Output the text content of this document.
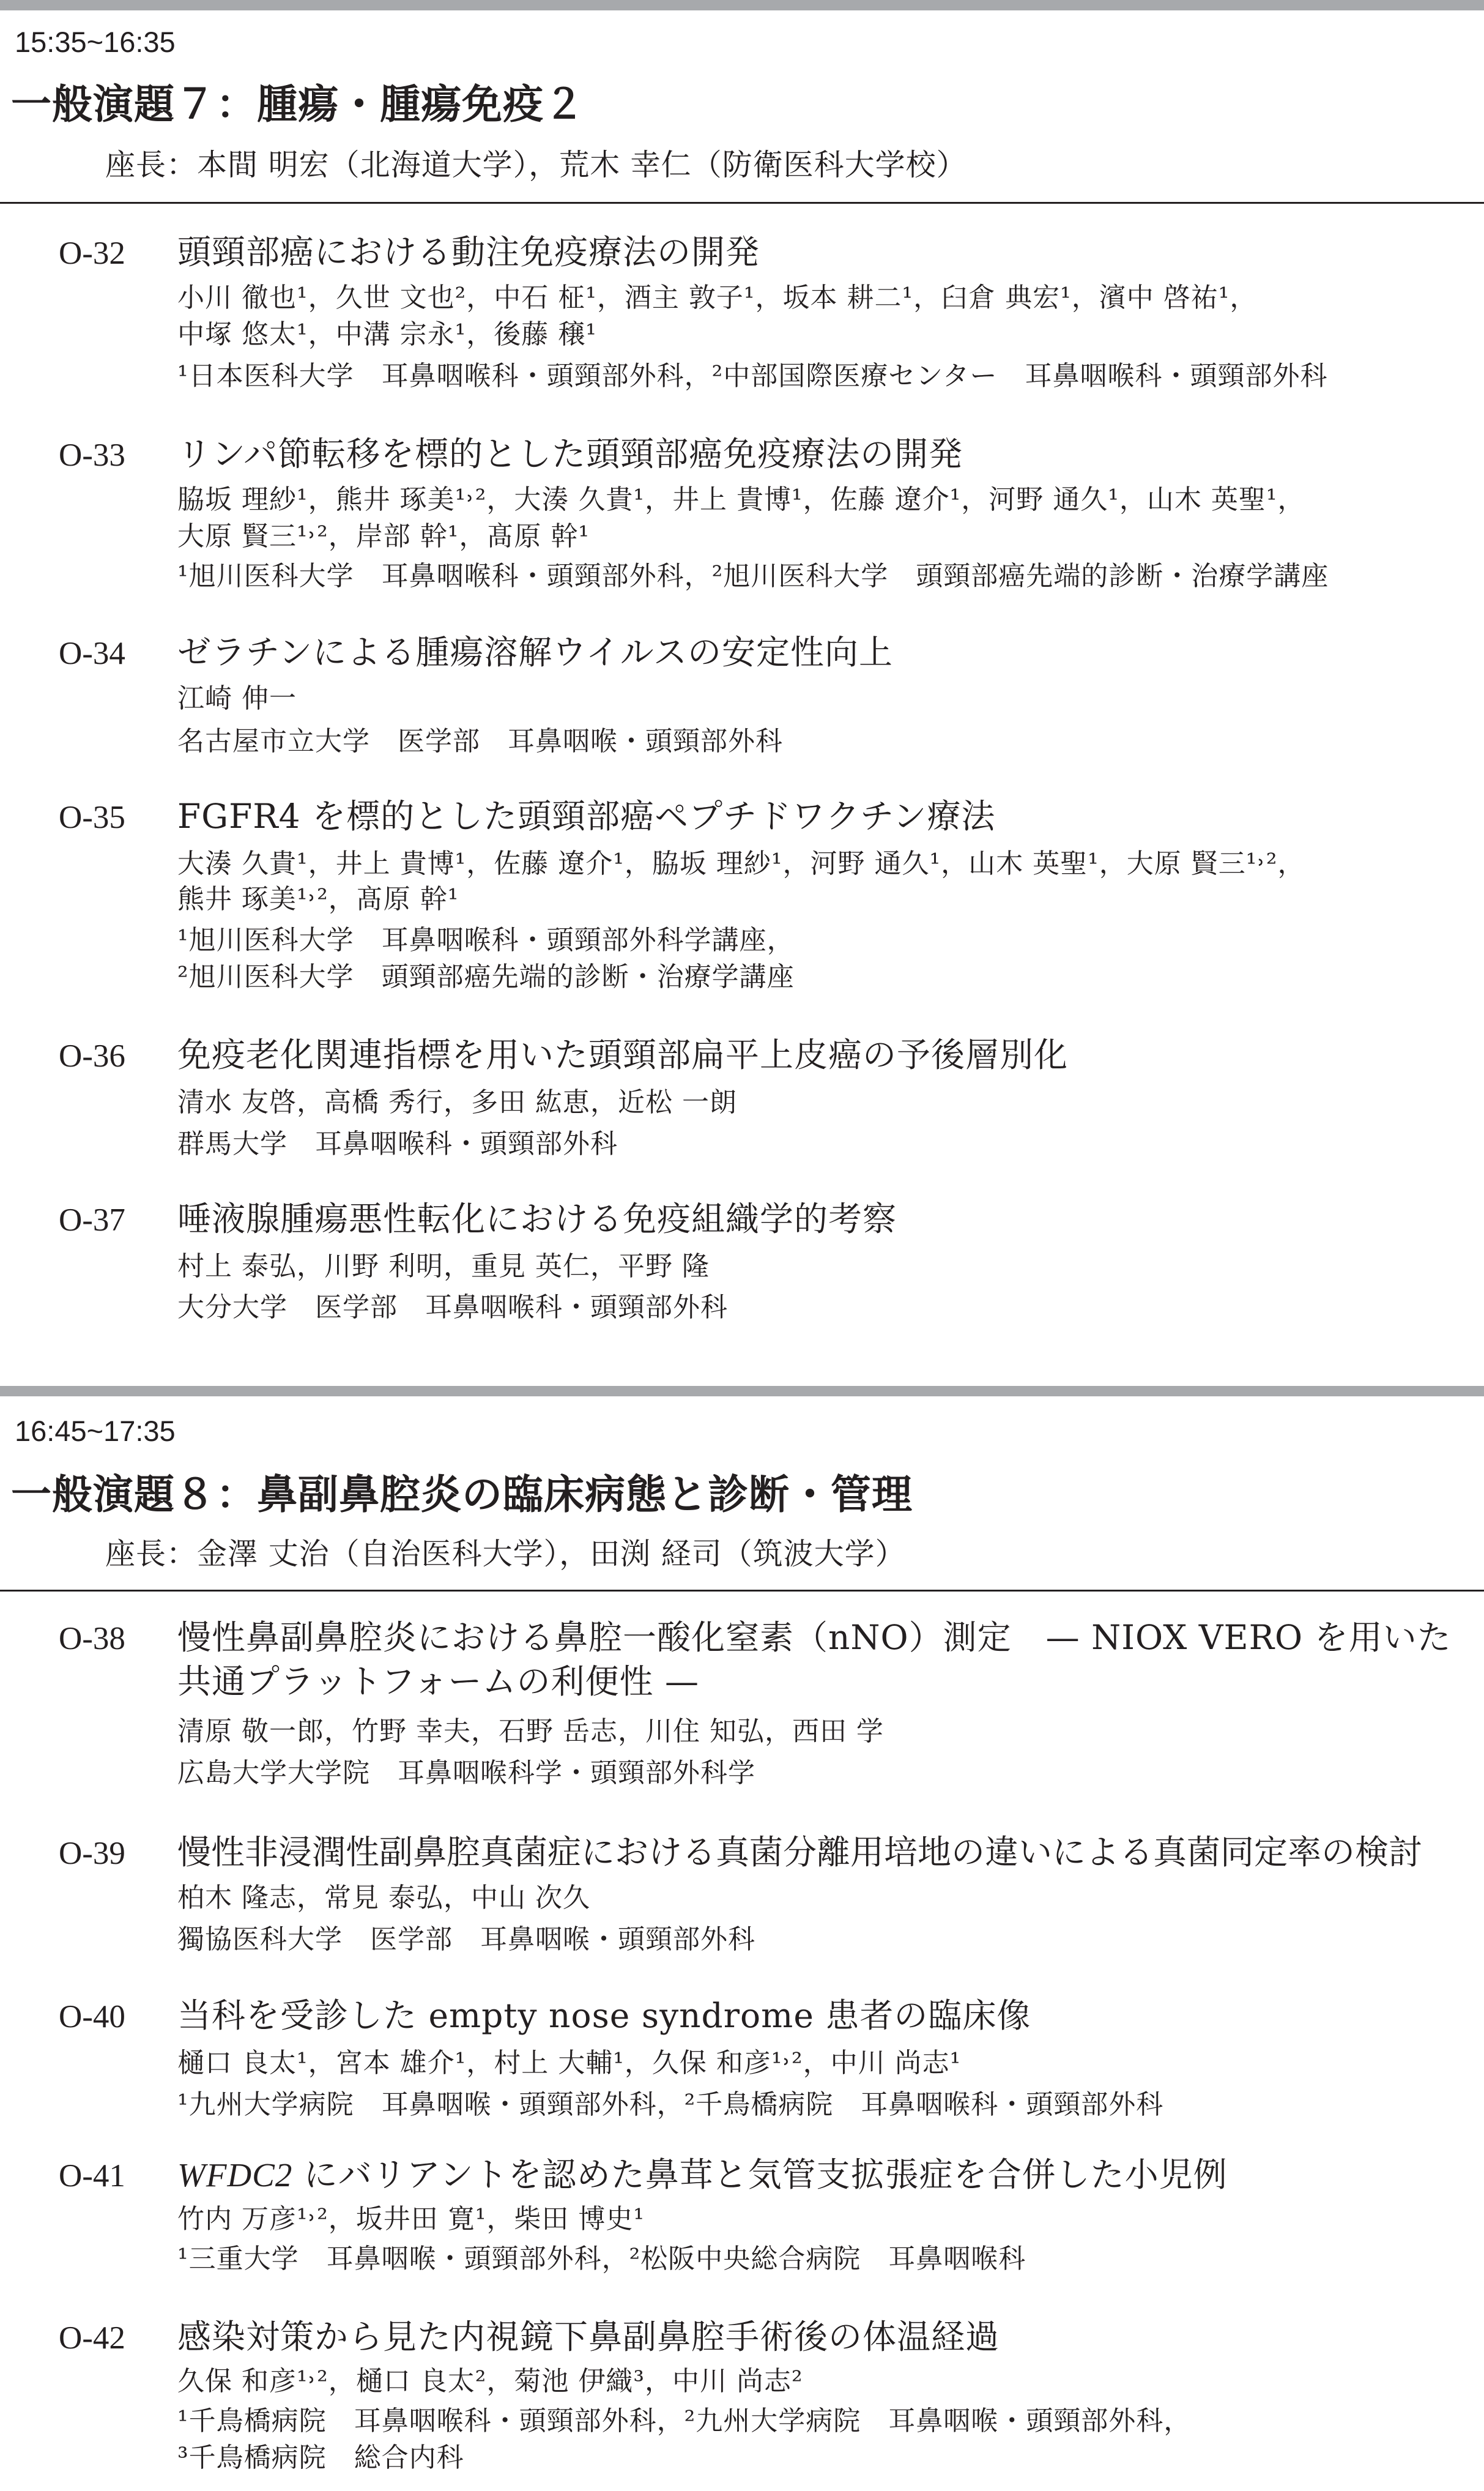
15:35~16:35
一般演題７：腫瘍・腫瘍免疫２
座長：本間 明宏（北海道大学），荒木 幸仁（防衛医科大学校）
O-32 頭頸部癌における動注免疫療法の開発
小川 徹也¹，久世 文也²，中石 柾¹，酒主 敦子¹，坂本 耕二¹，臼倉 典宏¹，濱中 啓祐¹，
中塚 悠太¹，中溝 宗永¹，後藤 穣¹
¹日本医科大学　耳鼻咽喉科・頭頸部外科，²中部国際医療センター　耳鼻咽喉科・頭頸部外科
O-33 リンパ節転移を標的とした頭頸部癌免疫療法の開発
脇坂 理紗¹，熊井 琢美¹˒²，大湊 久貴¹，井上 貴博¹，佐藤 遼介¹，河野 通久¹，山木 英聖¹，
大原 賢三¹˒²，岸部 幹¹，髙原 幹¹
¹旭川医科大学　耳鼻咽喉科・頭頸部外科，²旭川医科大学　頭頸部癌先端的診断・治療学講座
O-34 ゼラチンによる腫瘍溶解ウイルスの安定性向上
江崎 伸一
名古屋市立大学　医学部　耳鼻咽喉・頭頸部外科
O-35 FGFR4 を標的とした頭頸部癌ペプチドワクチン療法
大湊 久貴¹，井上 貴博¹，佐藤 遼介¹，脇坂 理紗¹，河野 通久¹，山木 英聖¹，大原 賢三¹˒²，
熊井 琢美¹˒²，髙原 幹¹
¹旭川医科大学　耳鼻咽喉科・頭頸部外科学講座，
²旭川医科大学　頭頸部癌先端的診断・治療学講座
O-36 免疫老化関連指標を用いた頭頸部扁平上皮癌の予後層別化
清水 友啓，高橋 秀行，多田 紘恵，近松 一朗
群馬大学　耳鼻咽喉科・頭頸部外科
O-37 唾液腺腫瘍悪性転化における免疫組織学的考察
村上 泰弘，川野 利明，重見 英仁，平野 隆
大分大学　医学部　耳鼻咽喉科・頭頸部外科
16:45~17:35
一般演題８：鼻副鼻腔炎の臨床病態と診断・管理
座長：金澤 丈治（自治医科大学），田渕 経司（筑波大学）
O-38 慢性鼻副鼻腔炎における鼻腔一酸化窒素（nNO）測定　— NIOX VERO を用いた
共通プラットフォームの利便性 —
清原 敬一郎，竹野 幸夫，石野 岳志，川住 知弘，西田 学
広島大学大学院　耳鼻咽喉科学・頭頸部外科学
O-39 慢性非浸潤性副鼻腔真菌症における真菌分離用培地の違いによる真菌同定率の検討
柏木 隆志，常見 泰弘，中山 次久
獨協医科大学　医学部　耳鼻咽喉・頭頸部外科
O-40 当科を受診した empty nose syndrome 患者の臨床像
樋口 良太¹，宮本 雄介¹，村上 大輔¹，久保 和彦¹˒²，中川 尚志¹
¹九州大学病院　耳鼻咽喉・頭頸部外科，²千鳥橋病院　耳鼻咽喉科・頭頸部外科
O-41 WFDC2 にバリアントを認めた鼻茸と気管支拡張症を合併した小児例
竹内 万彦¹˒²，坂井田 寛¹，柴田 博史¹
¹三重大学　耳鼻咽喉・頭頸部外科，²松阪中央総合病院　耳鼻咽喉科
O-42 感染対策から見た内視鏡下鼻副鼻腔手術後の体温経過
久保 和彦¹˒²，樋口 良太²，菊池 伊織³，中川 尚志²
¹千鳥橋病院　耳鼻咽喉科・頭頸部外科，²九州大学病院　耳鼻咽喉・頭頸部外科，
³千鳥橋病院　総合内科
